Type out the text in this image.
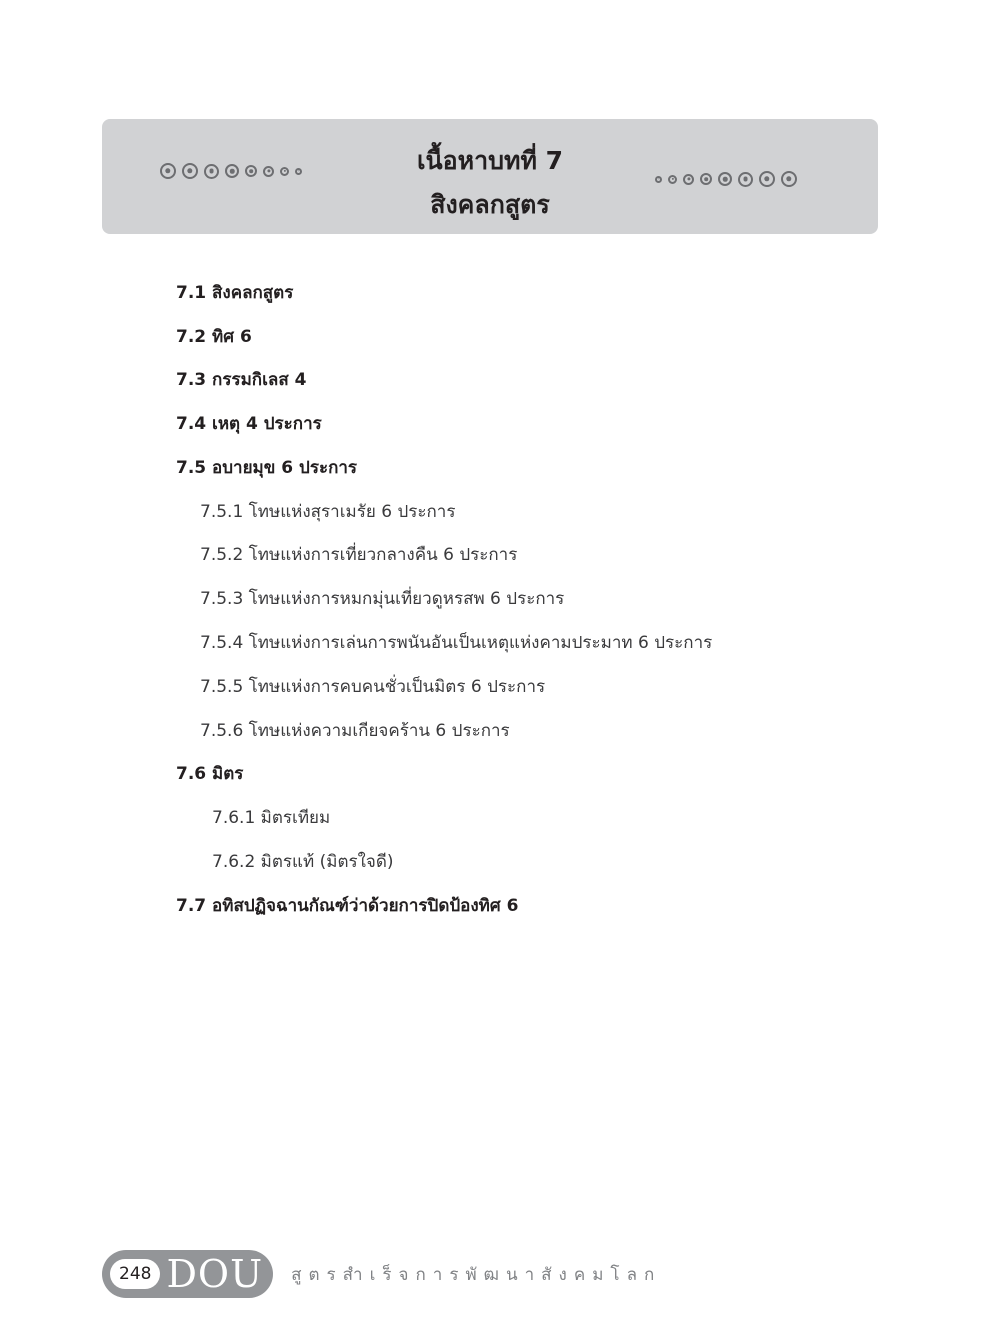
เนื้อหาบทที่ 7
สิงคลกสูตร
7.1 สิงคลกสูตร
7.2 ทิศ 6
7.3 กรรมกิเลส 4
7.4 เหตุ 4 ประการ
7.5 อบายมุข 6 ประการ
7.5.1 โทษแห่งสุราเมรัย 6 ประการ
7.5.2 โทษแห่งการเที่ยวกลางคืน 6 ประการ
7.5.3 โทษแห่งการหมกมุ่นเที่ยวดูหรสพ 6 ประการ
7.5.4 โทษแห่งการเล่นการพนันอันเป็นเหตุแห่งคามประมาท 6 ประการ
7.5.5 โทษแห่งการคบคนชั่วเป็นมิตร 6 ประการ
7.5.6 โทษแห่งความเกียจคร้าน 6 ประการ
7.6 มิตร
7.6.1 มิตรเทียม
7.6.2 มิตรแท้ (มิตรใจดี)
7.7 อทิสปฏิจฉานกัณฑ์ว่าด้วยการปิดป้องทิศ 6
248 DOU สูตรสำเร็จการพัฒนาสังคมโลก
